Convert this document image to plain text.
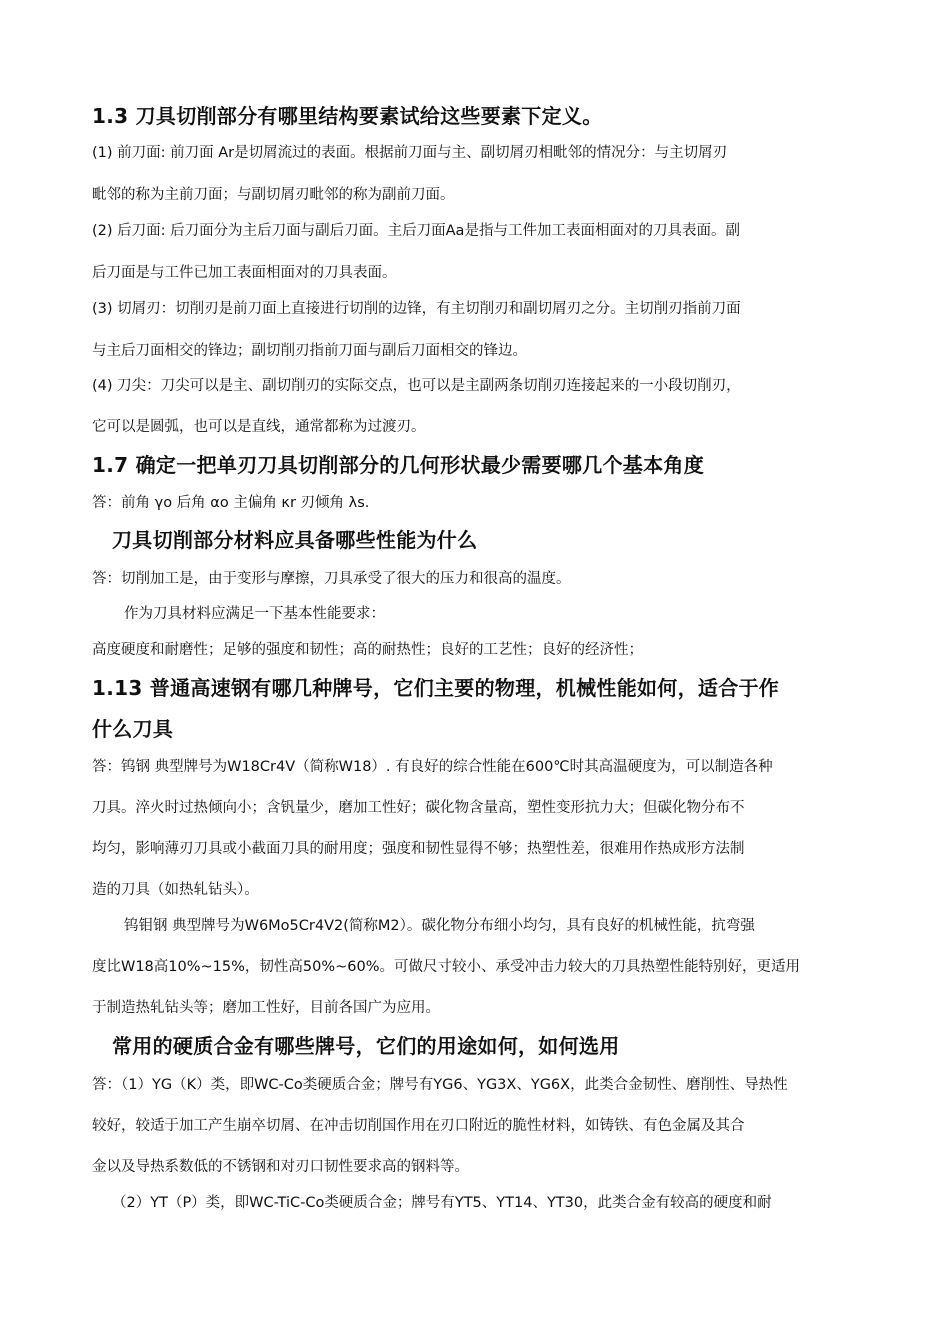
1.3 刀具切削部分有哪里结构要素试给这些要素下定义。
(1) 前刀面: 前刀面 Ar是切屑流过的表面。根据前刀面与主、副切屑刃相毗邻的情况分：与主切屑刃
毗邻的称为主前刀面；与副切屑刃毗邻的称为副前刀面。
(2) 后刀面: 后刀面分为主后刀面与副后刀面。主后刀面Aa是指与工件加工表面相面对的刀具表面。副
后刀面是与工件已加工表面相面对的刀具表面。
(3) 切屑刃：切削刃是前刀面上直接进行切削的边锋，有主切削刃和副切屑刃之分。主切削刃指前刀面
与主后刀面相交的锋边；副切削刃指前刀面与副后刀面相交的锋边。
(4) 刀尖：刀尖可以是主、副切削刃的实际交点，也可以是主副两条切削刃连接起来的一小段切削刃，
它可以是圆弧，也可以是直线，通常都称为过渡刃。
1.7 确定一把单刃刀具切削部分的几何形状最少需要哪几个基本角度
答：前角 γo 后角 αo 主偏角 κr 刃倾角 λs.
刀具切削部分材料应具备哪些性能为什么
答：切削加工是，由于变形与摩擦，刀具承受了很大的压力和很高的温度。
作为刀具材料应满足一下基本性能要求：
高度硬度和耐磨性；足够的强度和韧性；高的耐热性；良好的工艺性；良好的经济性；
1.13 普通高速钢有哪几种牌号，它们主要的物理，机械性能如何，适合于作
什么刀具
答：钨钢 典型牌号为W18Cr4V（简称W18）. 有良好的综合性能在600℃时其高温硬度为，可以制造各种
刀具。淬火时过热倾向小；含钒量少，磨加工性好；碳化物含量高，塑性变形抗力大；但碳化物分布不
均匀，影响薄刃刀具或小截面刀具的耐用度；强度和韧性显得不够；热塑性差，很难用作热成形方法制
造的刀具（如热轧钻头）。
钨钼钢 典型牌号为W6Mo5Cr4V2(简称M2）。碳化物分布细小均匀，具有良好的机械性能，抗弯强
度比W18高10%~15%，韧性高50%~60%。可做尺寸较小、承受冲击力较大的刀具热塑性能特别好，更适用
于制造热轧钻头等；磨加工性好，目前各国广为应用。
常用的硬质合金有哪些牌号，它们的用途如何，如何选用
答：（1）YG（K）类，即WC-Co类硬质合金；牌号有YG6、YG3X、YG6X，此类合金韧性、磨削性、导热性
较好，较适于加工产生崩卒切屑、在冲击切削国作用在刃口附近的脆性材料，如铸铁、有色金属及其合
金以及导热系数低的不锈钢和对刃口韧性要求高的钢料等。
（2）YT（P）类，即WC-TiC-Co类硬质合金；牌号有YT5、YT14、YT30，此类合金有较高的硬度和耐
